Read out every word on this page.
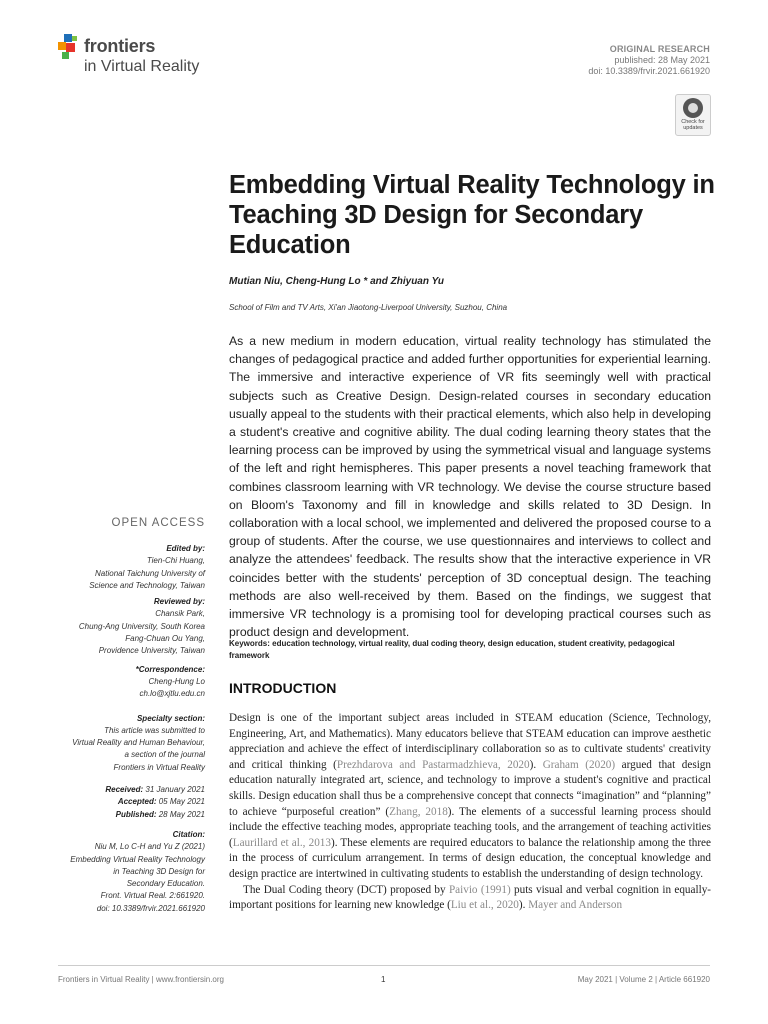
frontiers
in Virtual Reality
ORIGINAL RESEARCH
published: 28 May 2021
doi: 10.3389/frvir.2021.661920
Check for updates
Embedding Virtual Reality Technology in Teaching 3D Design for Secondary Education
Mutian Niu, Cheng-Hung Lo * and Zhiyuan Yu
School of Film and TV Arts, Xi'an Jiaotong-Liverpool University, Suzhou, China

As a new medium in modern education, virtual reality technology has stimulated the changes of pedagogical practice and added further opportunities for experiential learning. The immersive and interactive experience of VR fits seemingly well with practical subjects such as Creative Design. Design-related courses in secondary education usually appeal to the students with their practical elements, which also help in developing a student's creative and cognitive ability. The dual coding learning theory states that the learning process can be improved by using the symmetrical visual and language systems of the left and right hemispheres. This paper presents a novel teaching framework that combines classroom learning with VR technology. We devise the course structure based on Bloom's Taxonomy and fill in knowledge and skills related to 3D Design. In collaboration with a local school, we implemented and delivered the proposed course to a group of students. After the course, we use questionnaires and interviews to collect and analyze the attendees' feedback. The results show that the interactive experience in VR coincides better with the students' perception of 3D conceptual design. The teaching methods are also well-received by them. Based on the findings, we suggest that immersive VR technology is a promising tool for developing practical courses such as product design and development.

Keywords: education technology, virtual reality, dual coding theory, design education, student creativity, pedagogical framework
INTRODUCTION

Design is one of the important subject areas included in STEAM education (Science, Technology, Engineering, Art, and Mathematics). Many educators believe that STEAM education can improve aesthetic appreciation and achieve the effect of interdisciplinary collaboration so as to cultivate students' creativity and critical thinking (Prezhdarova and Pastarmadzhieva, 2020). Graham (2020) argued that design education naturally integrated art, science, and technology to improve a student's cognitive and practical skills. Design education shall thus be a comprehensive concept that connects “imagination” and “planning” to achieve “purposeful creation” (Zhang, 2018). The elements of a successful learning process should include the effective teaching modes, appropriate teaching tools, and the arrangement of teaching activities (Laurillard et al., 2013). These elements are required educators to balance the relationship among the three in the process of curriculum arrangement. In terms of design education, the conceptual knowledge and design practice are intertwined in cultivating students to establish the understanding of design technology.

The Dual Coding theory (DCT) proposed by Paivio (1991) puts visual and verbal cognition in equally-important positions for learning new knowledge (Liu et al., 2020). Mayer and Anderson

OPEN ACCESS
Edited by:
Tien-Chi Huang,
National Taichung University of
Science and Technology, Taiwan
Reviewed by:
Chansik Park,
Chung-Ang University, South Korea
Fang-Chuan Ou Yang,
Providence University, Taiwan
*Correspondence:
Cheng-Hung Lo
ch.lo@xjtlu.edu.cn
Specialty section:
This article was submitted to
Virtual Reality and Human Behaviour,
a section of the journal
Frontiers in Virtual Reality
Received: 31 January 2021
Accepted: 05 May 2021
Published: 28 May 2021
Citation:
Niu M, Lo C-H and Yu Z (2021)
Embedding Virtual Reality Technology
in Teaching 3D Design for
Secondary Education.
Front. Virtual Real. 2:661920.
doi: 10.3389/frvir.2021.661920
Frontiers in Virtual Reality | www.frontiersin.org	1	May 2021 | Volume 2 | Article 661920
